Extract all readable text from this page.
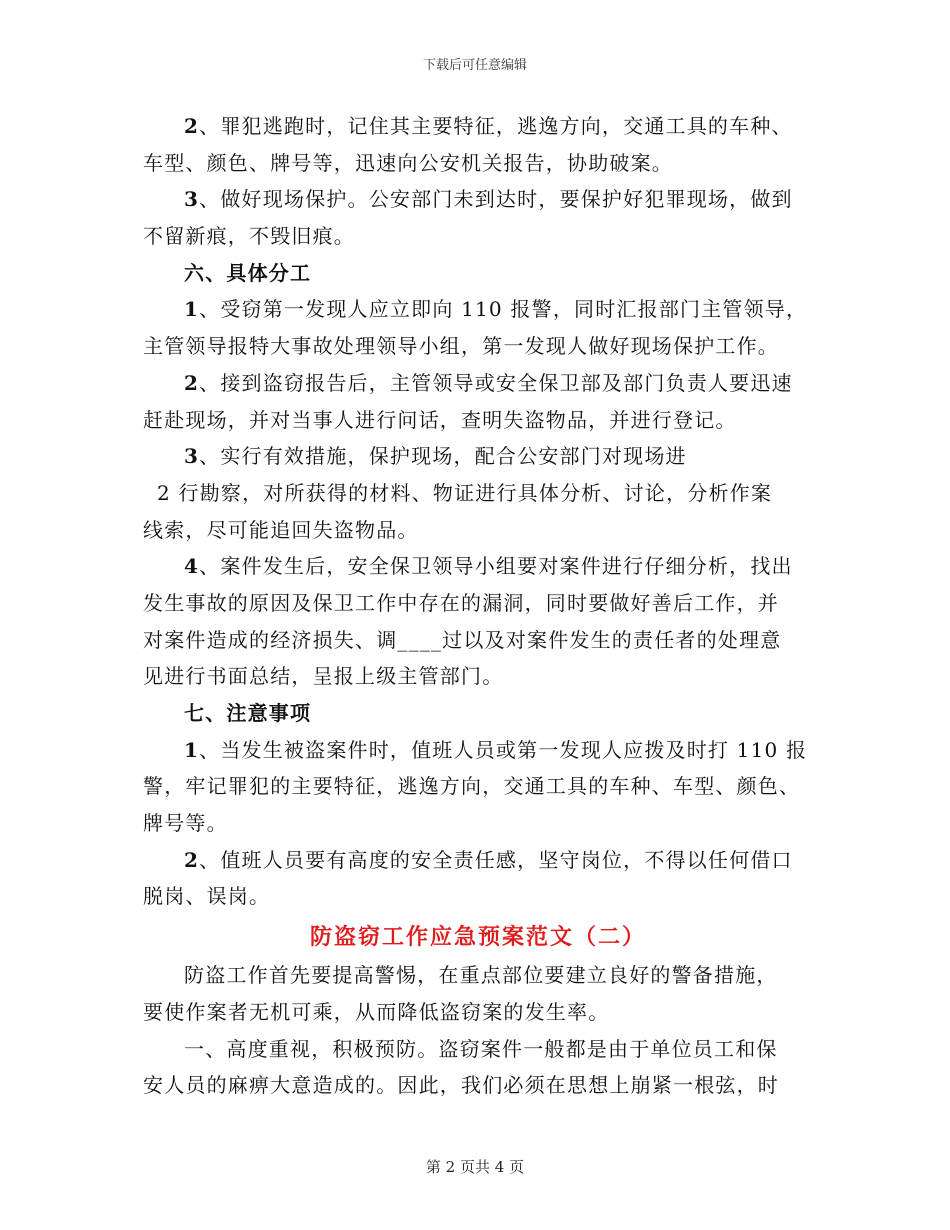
下载后可任意编辑
2、罪犯逃跑时，记住其主要特征，逃逸方向，交通工具的车种、
车型、颜色、牌号等，迅速向公安机关报告，协助破案。
3、做好现场保护。公安部门未到达时，要保护好犯罪现场，做到
不留新痕，不毁旧痕。
六、具体分工
1、受窃第一发现人应立即向 110 报警，同时汇报部门主管领导，
主管领导报特大事故处理领导小组，第一发现人做好现场保护工作。
2、接到盗窃报告后，主管领导或安全保卫部及部门负责人要迅速
赶赴现场，并对当事人进行问话，查明失盗物品，并进行登记。
3、实行有效措施，保护现场，配合公安部门对现场进
2 行勘察，对所获得的材料、物证进行具体分析、讨论，分析作案
线索，尽可能追回失盗物品。
4、案件发生后，安全保卫领导小组要对案件进行仔细分析，找出
发生事故的原因及保卫工作中存在的漏洞，同时要做好善后工作，并
对案件造成的经济损失、调____过以及对案件发生的责任者的处理意
见进行书面总结，呈报上级主管部门。
七、注意事项
1、当发生被盗案件时，值班人员或第一发现人应拨及时打 110 报
警，牢记罪犯的主要特征，逃逸方向，交通工具的车种、车型、颜色、
牌号等。
2、值班人员要有高度的安全责任感，坚守岗位，不得以任何借口
脱岗、误岗。
防盗窃工作应急预案范文（二）
防盗工作首先要提高警惕，在重点部位要建立良好的警备措施，
要使作案者无机可乘，从而降低盗窃案的发生率。
一、高度重视，积极预防。盗窃案件一般都是由于单位员工和保
安人员的麻痹大意造成的。因此，我们必须在思想上崩紧一根弦，时
第 2 页共 4 页
